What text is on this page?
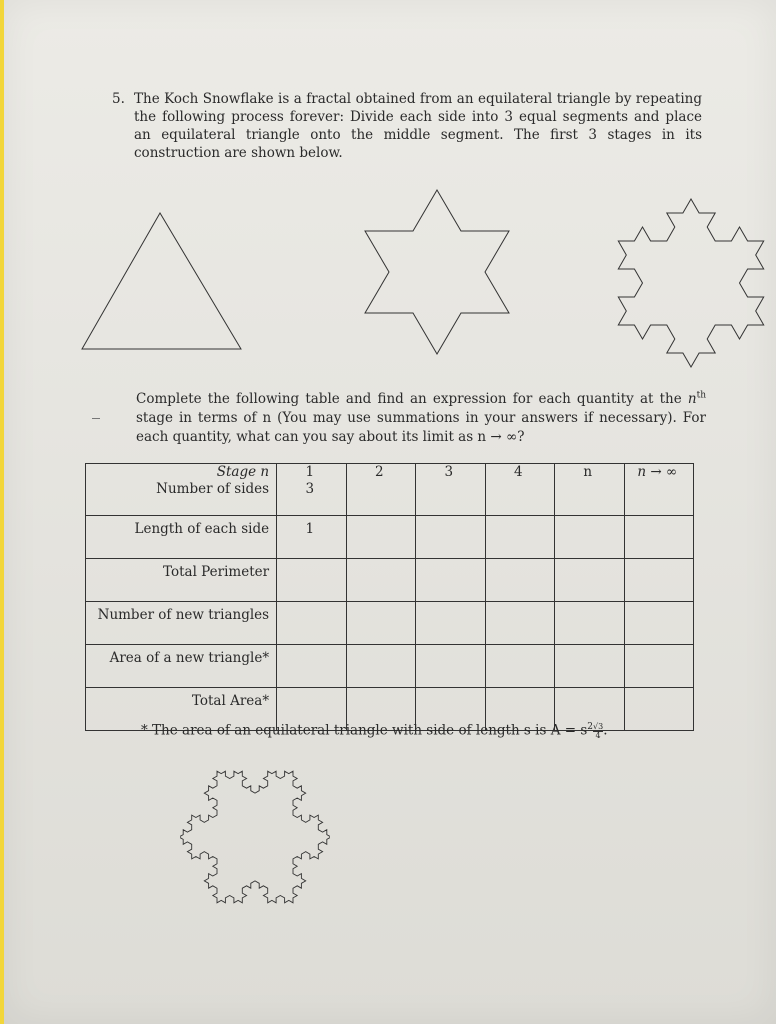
5. The Koch Snowflake is a fractal obtained from an equilateral triangle by repeating the following process forever: Divide each side into 3 equal segments and place an equilateral triangle onto the middle segment. The first 3 stages in its construction are shown below.
Complete the following table and find an expression for each quantity at the $n^{th}$ stage in terms of n (You may use summations in your answers if necessary). For each quantity, what can you say about its limit as n → ∞?
Stage n	1	2	3	4	n	n → ∞
Number of sides	3					
Length of each side	1					
Total Perimeter						
Number of new triangles						
Area of a new triangle*						
Total Area*						
* The area of an equilateral triangle with side of length s is $A = s^2 \frac{√3}{4}$ .
